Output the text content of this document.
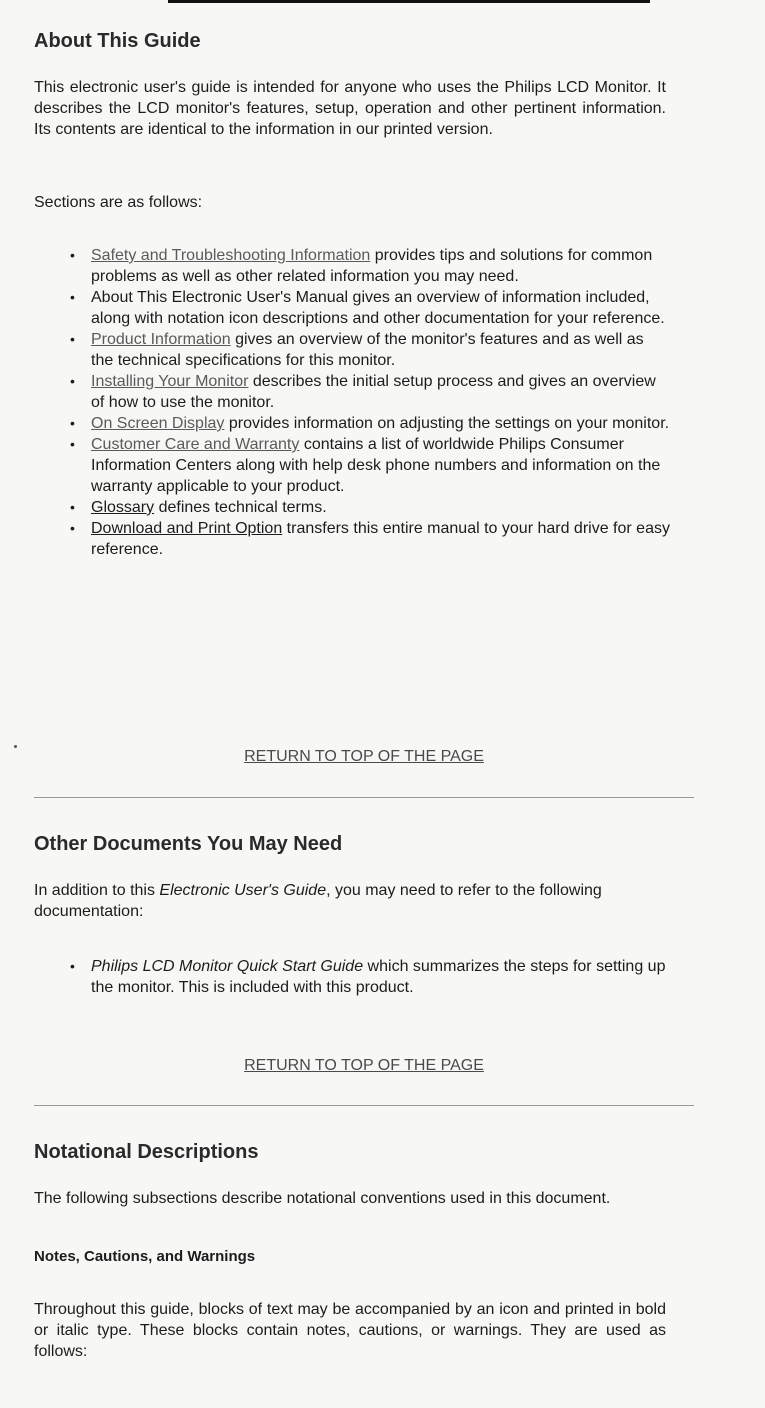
About This Guide

This electronic user's guide is intended for anyone who uses the Philips LCD Monitor. It describes the LCD monitor's features, setup, operation and other pertinent information. Its contents are identical to the information in our printed version.

Sections are as follows:

• Safety and Troubleshooting Information provides tips and solutions for common problems as well as other related information you may need.
• About This Electronic User's Manual gives an overview of information included, along with notation icon descriptions and other documentation for your reference.
• Product Information gives an overview of the monitor's features and as well as the technical specifications for this monitor.
• Installing Your Monitor describes the initial setup process and gives an overview of how to use the monitor.
• On Screen Display provides information on adjusting the settings on your monitor.
• Customer Care and Warranty contains a list of worldwide Philips Consumer Information Centers along with help desk phone numbers and information on the warranty applicable to your product.
• Glossary defines technical terms.
• Download and Print Option transfers this entire manual to your hard drive for easy reference.
RETURN TO TOP OF THE PAGE
Other Documents You May Need

In addition to this Electronic User's Guide, you may need to refer to the following documentation:

• Philips LCD Monitor Quick Start Guide which summarizes the steps for setting up the monitor. This is included with this product.
RETURN TO TOP OF THE PAGE
Notational Descriptions

The following subsections describe notational conventions used in this document.

Notes, Cautions, and Warnings

Throughout this guide, blocks of text may be accompanied by an icon and printed in bold or italic type. These blocks contain notes, cautions, or warnings. They are used as follows:
